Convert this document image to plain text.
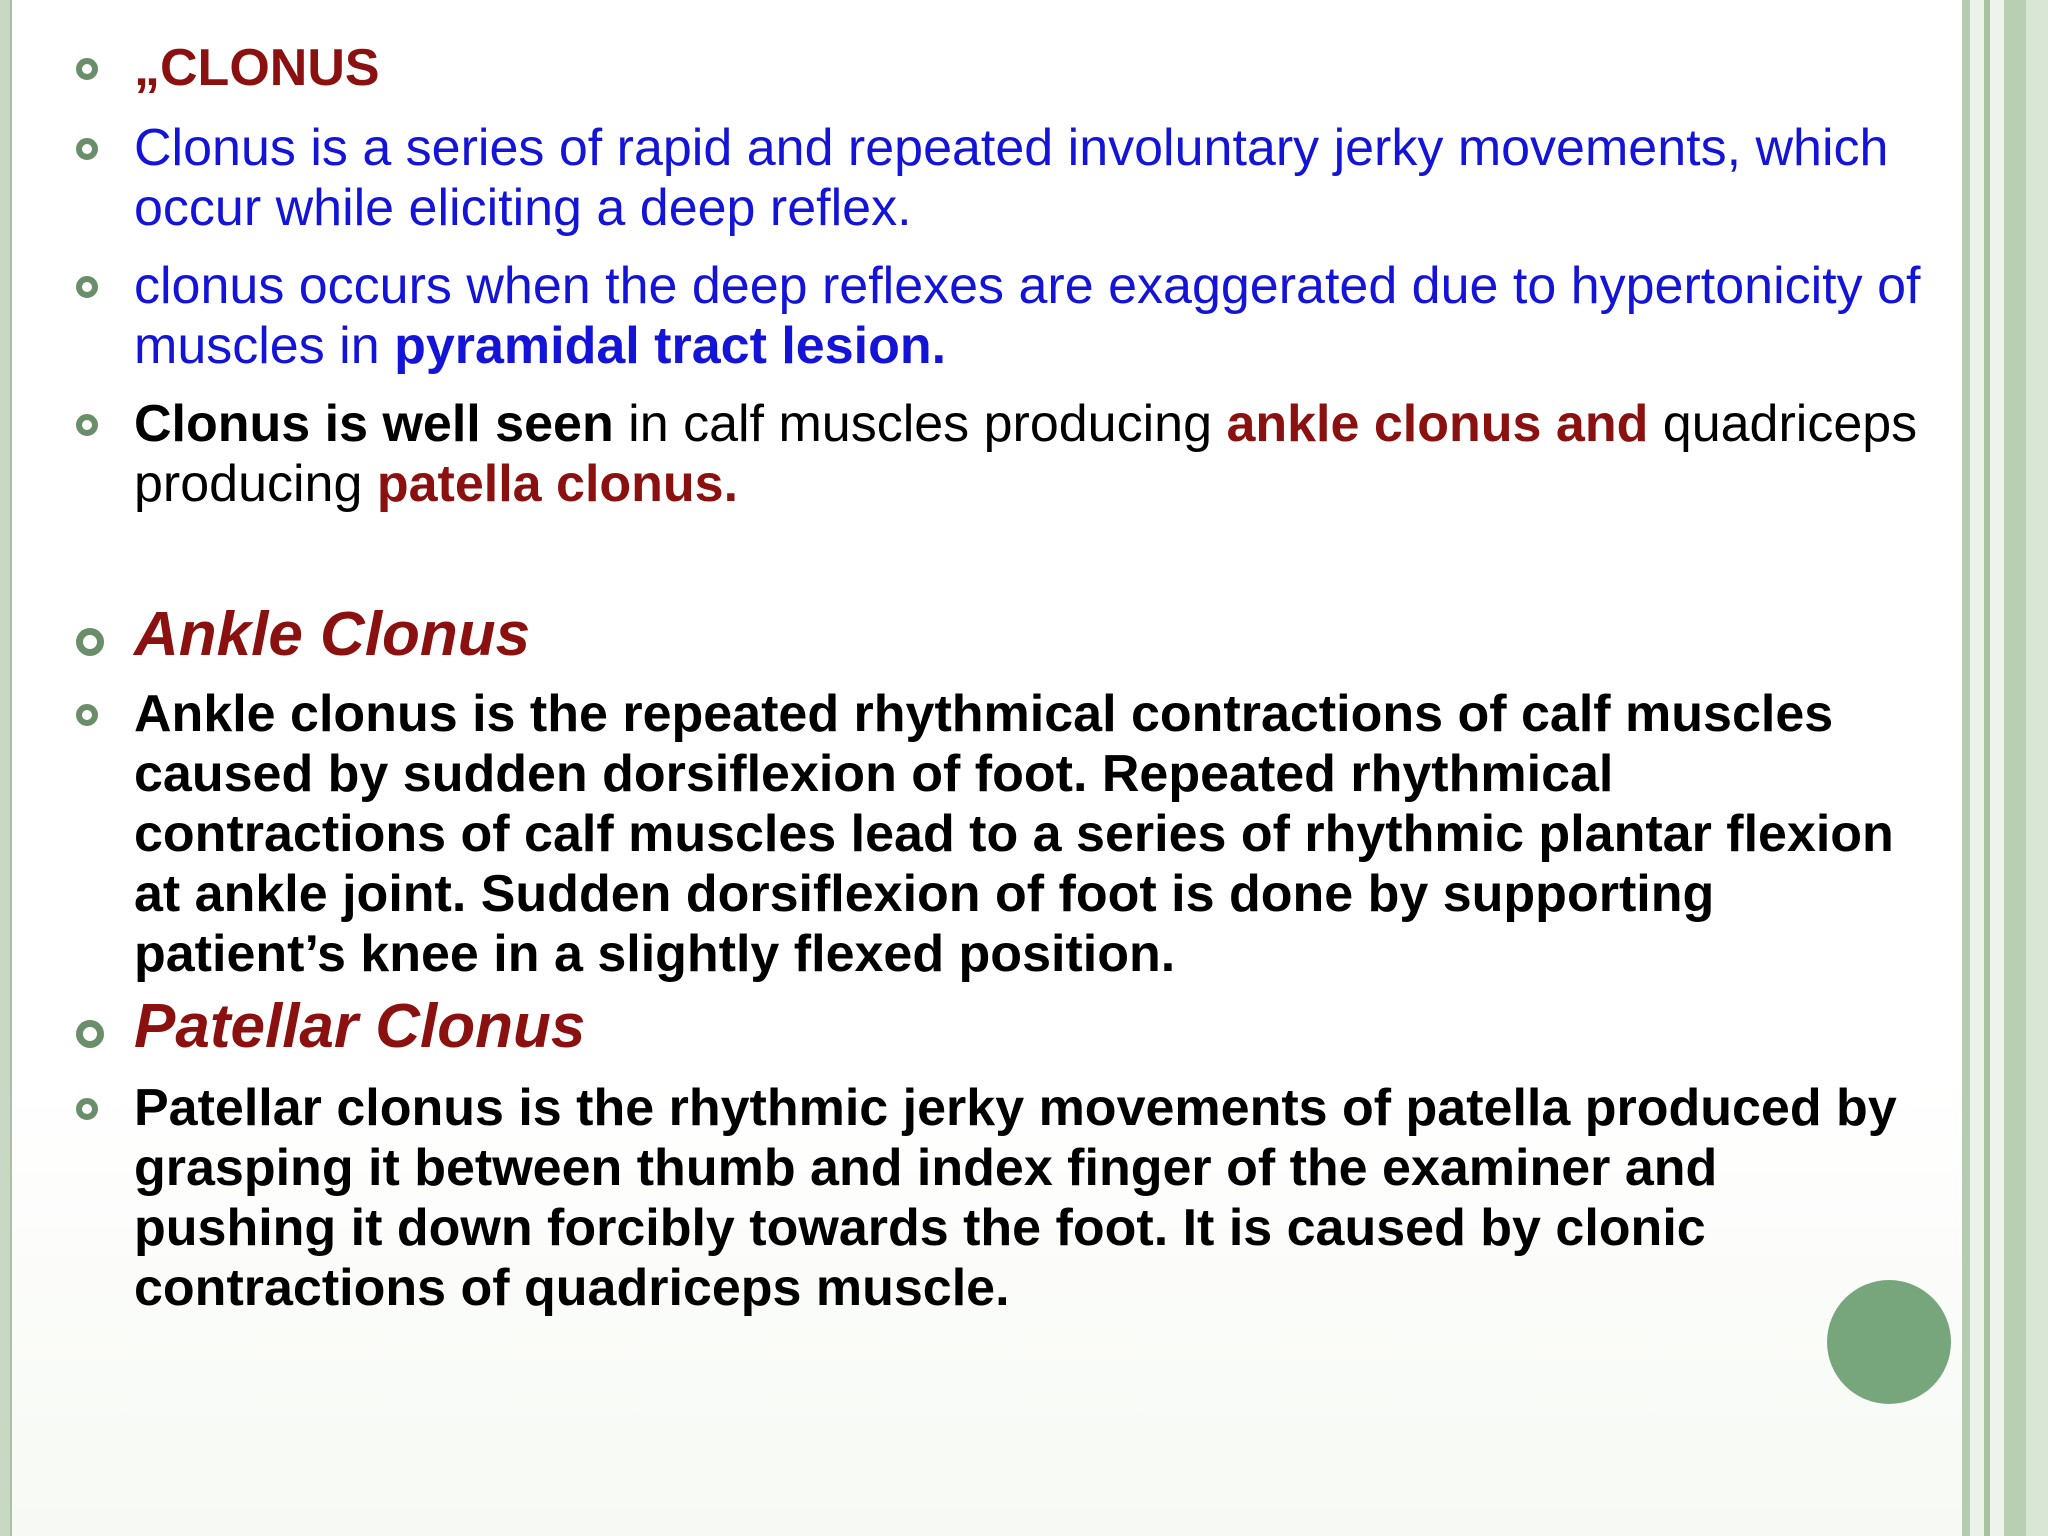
„CLONUS

Clonus is a series of rapid and repeated involuntary jerky movements, which occur while eliciting a deep reflex.

clonus occurs when the deep reflexes are exaggerated due to hypertonicity of muscles in pyramidal tract lesion.

Clonus is well seen in calf muscles producing ankle clonus and quadriceps producing patella clonus.

Ankle Clonus

Ankle clonus is the repeated rhythmical contractions of calf muscles caused by sudden dorsiflexion of foot. Repeated rhythmical contractions of calf muscles lead to a series of rhythmic plantar flexion at ankle joint. Sudden dorsiflexion of foot is done by supporting patient’s knee in a slightly flexed position.

Patellar Clonus

Patellar clonus is the rhythmic jerky movements of patella produced by grasping it between thumb and index finger of the examiner and pushing it down forcibly towards the foot. It is caused by clonic contractions of quadriceps muscle.
